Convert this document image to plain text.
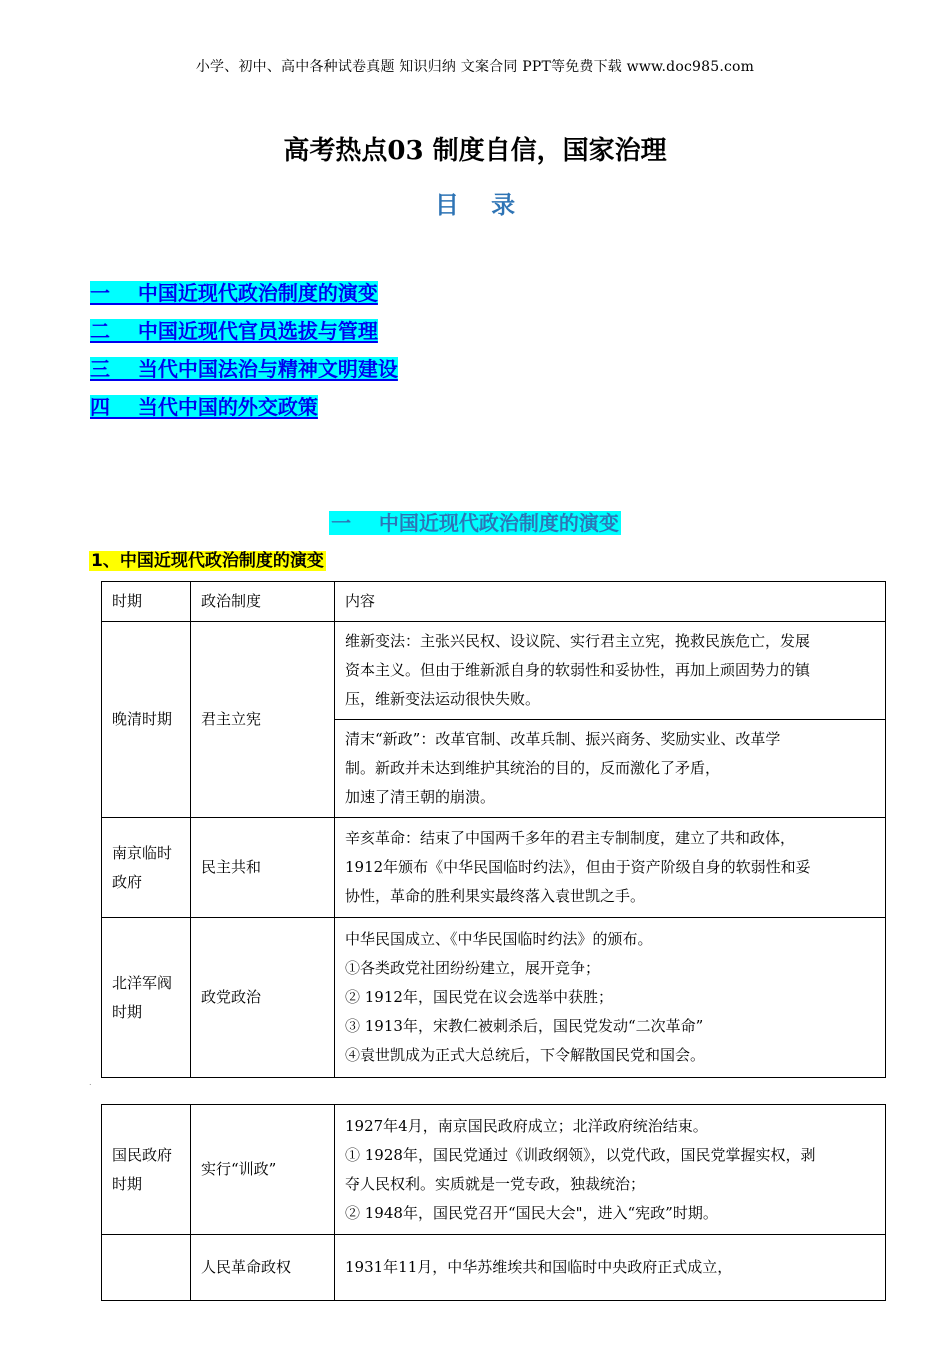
小学、初中、高中各种试卷真题 知识归纳 文案合同 PPT等免费下载 www.doc985.com
高考热点03 制度自信，国家治理
目 录
一    中国近现代政治制度的演变
二    中国近现代官员选拔与管理
三    当代中国法治与精神文明建设
四    当代中国的外交政策
一    中国近现代政治制度的演变
1、中国近现代政治制度的演变
时期	政治制度	内容
晚清时期	君主立宪	维新变法：主张兴民权、设议院、实行君主立宪，挽救民族危亡，发展
资本主义。但由于维新派自身的软弱性和妥协性，再加上顽固势力的镇
压，维新变法运动很快失败。

		清末“新政”：改革官制、改革兵制、振兴商务、奖励实业、改革学
制。新政并未达到维护其统治的目的，反而激化了矛盾，
加速了清王朝的崩溃。

南京临时政府	民主共和	辛亥革命：结束了中国两千多年的君主专制制度，建立了共和政体，
1912年颁布《中华民国临时约法》，但由于资产阶级自身的软弱性和妥
协性，革命的胜利果实最终落入袁世凯之手。

北洋军阀时期	政党政治	中华民国成立、《中华民国临时约法》的颁布。
①各类政党社团纷纷建立，展开竞争；
② 1912年，国民党在议会选举中获胜；
③ 1913年，宋教仁被刺杀后，国民党发动“二次革命”
④袁世凯成为正式大总统后，下令解散国民党和国会。
.
国民政府时期	实行“训政”	1927年4月，南京国民政府成立；北洋政府统治结束。
① 1928年，国民党通过《训政纲领》，以党代政，国民党掌握实权，剥
夺人民权利。实质就是一党专政，独裁统治；
② 1948年，国民党召开“国民大会"，进入“宪政”时期。

	人民革命政权	1931年11月，中华苏维埃共和国临时中央政府正式成立，
